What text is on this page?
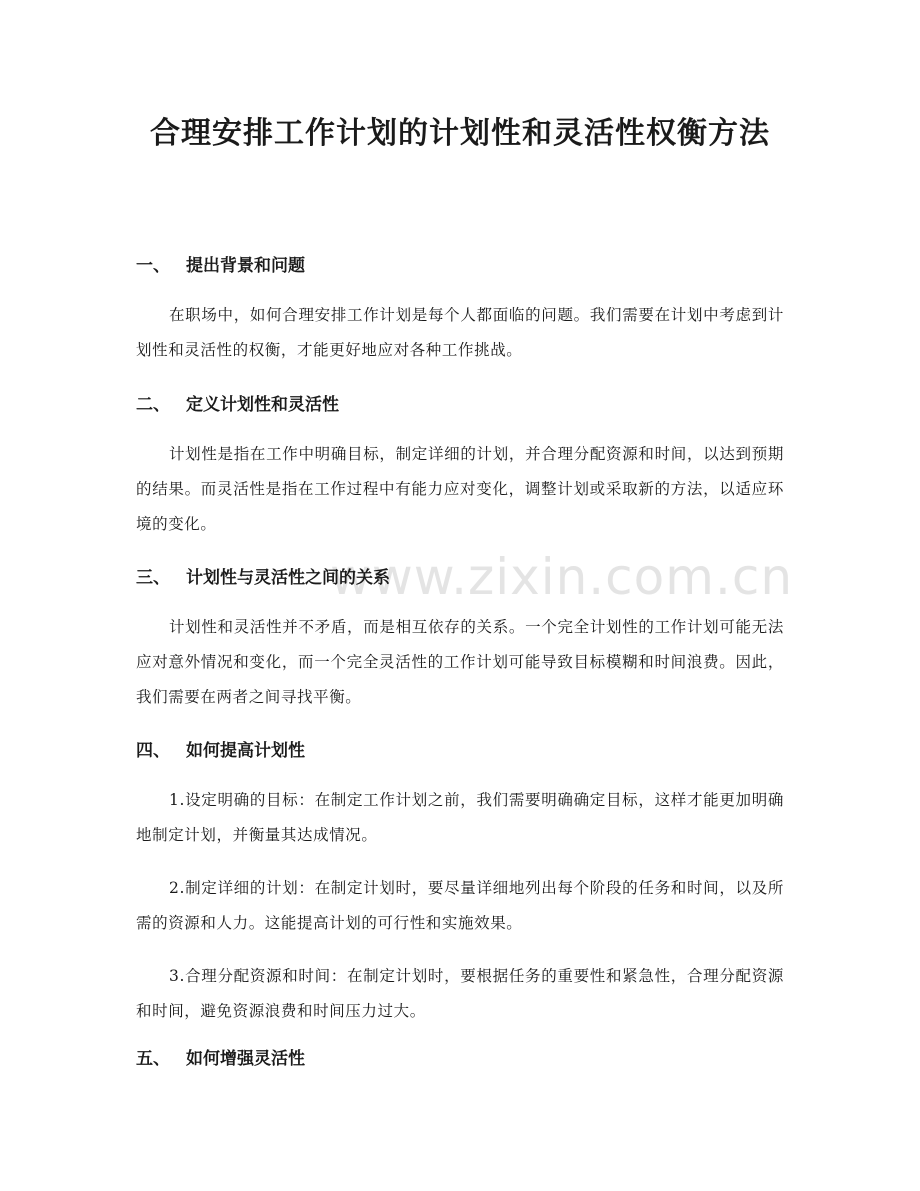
合理安排工作计划的计划性和灵活性权衡方法
www.zixin.com.cn
一、 提出背景和问题

在职场中，如何合理安排工作计划是每个人都面临的问题。我们需要在计划中考虑到计划性和灵活性的权衡，才能更好地应对各种工作挑战。

二、 定义计划性和灵活性

计划性是指在工作中明确目标，制定详细的计划，并合理分配资源和时间，以达到预期的结果。而灵活性是指在工作过程中有能力应对变化，调整计划或采取新的方法，以适应环境的变化。

三、 计划性与灵活性之间的关系

计划性和灵活性并不矛盾，而是相互依存的关系。一个完全计划性的工作计划可能无法应对意外情况和变化，而一个完全灵活性的工作计划可能导致目标模糊和时间浪费。因此，我们需要在两者之间寻找平衡。

四、 如何提高计划性

1.设定明确的目标：在制定工作计划之前，我们需要明确确定目标，这样才能更加明确地制定计划，并衡量其达成情况。

2.制定详细的计划：在制定计划时，要尽量详细地列出每个阶段的任务和时间，以及所需的资源和人力。这能提高计划的可行性和实施效果。

3.合理分配资源和时间：在制定计划时，要根据任务的重要性和紧急性，合理分配资源和时间，避免资源浪费和时间压力过大。

五、 如何增强灵活性
